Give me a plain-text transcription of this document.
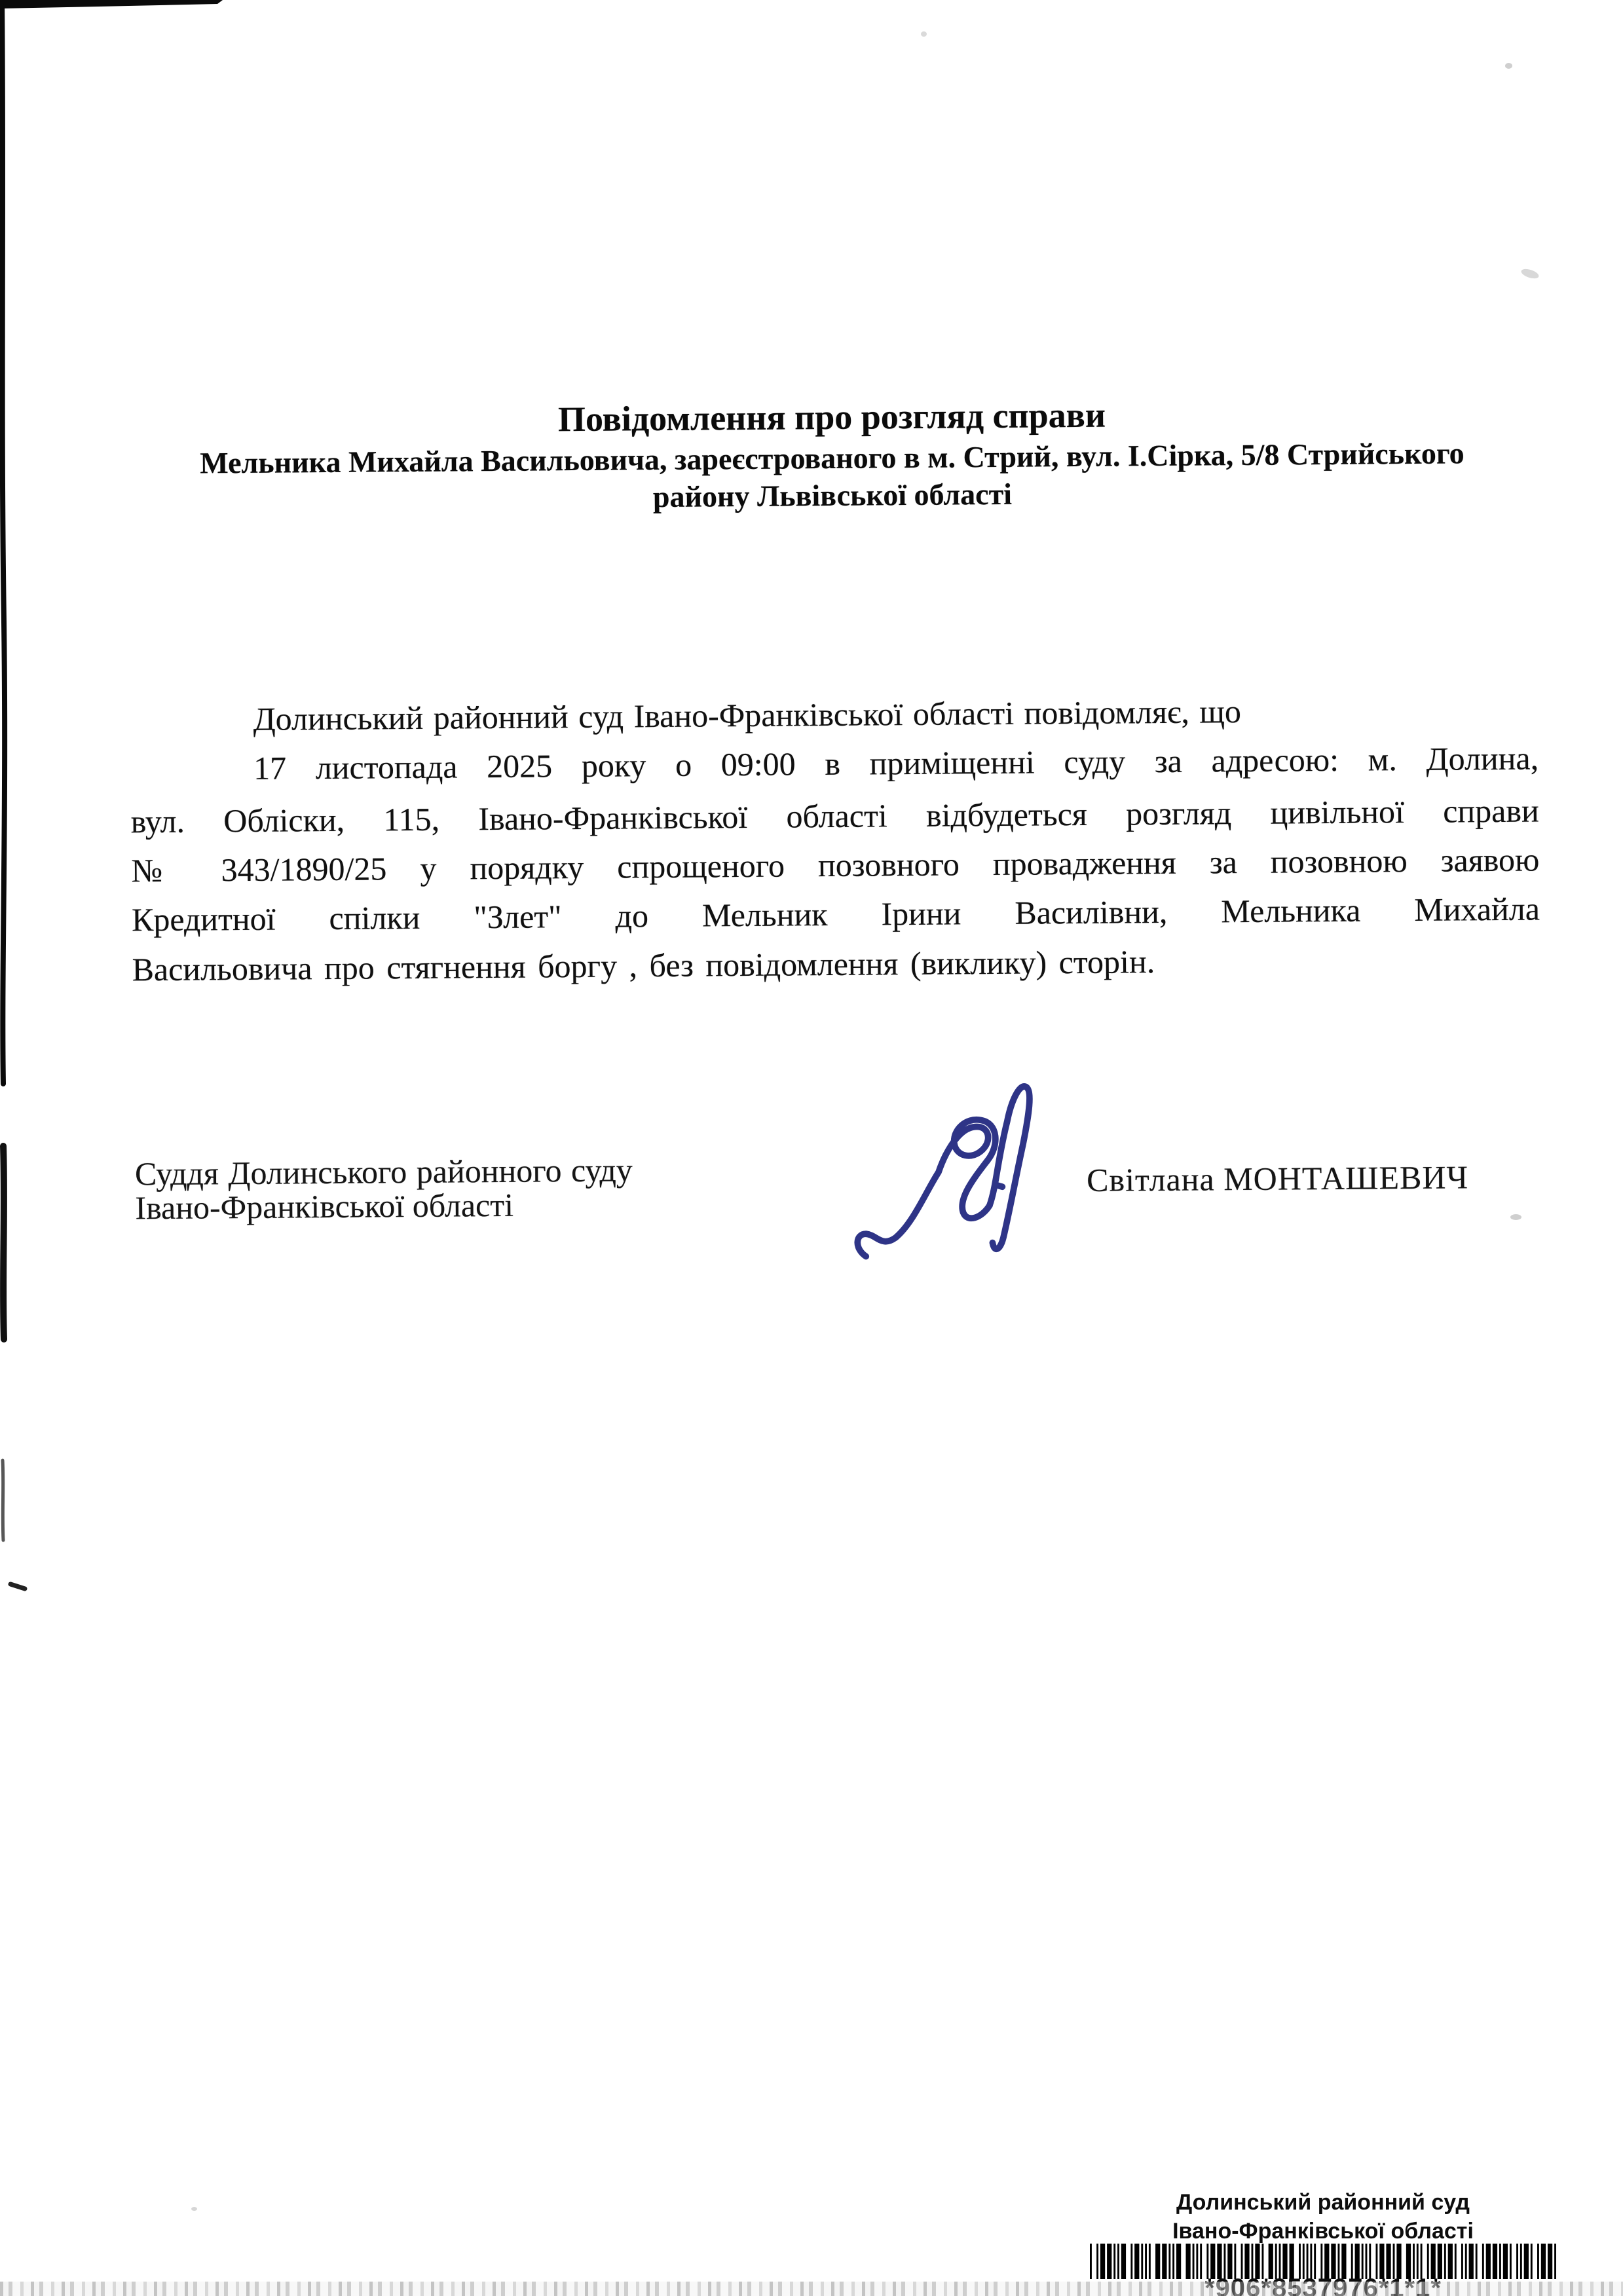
Повідомлення про розгляд справи
Мельника Михайла Васильовича, зареєстрованого в м. Стрий, вул. І.Сірка, 5/8 Стрийського
району Львівської області
Долинський районний суд Івано-Франківської області повідомляє, що
17 листопада 2025 року о 09:00 в приміщенні суду за адресою: м. Долина,
вул. Обліски, 115, Івано-Франківської області відбудеться розгляд цивільної справи
№ 343/1890/25 у порядку спрощеного позовного провадження за позовною заявою
Кредитної спілки "Злет" до Мельник Ірини Василівни, Мельника Михайла
Васильовича про стягнення боргу , без повідомлення (виклику) сторін.
Суддя Долинського районного суду
Івано-Франківської області
Світлана МОНТАШЕВИЧ
Долинський районний суд
Івано-Франківської області
